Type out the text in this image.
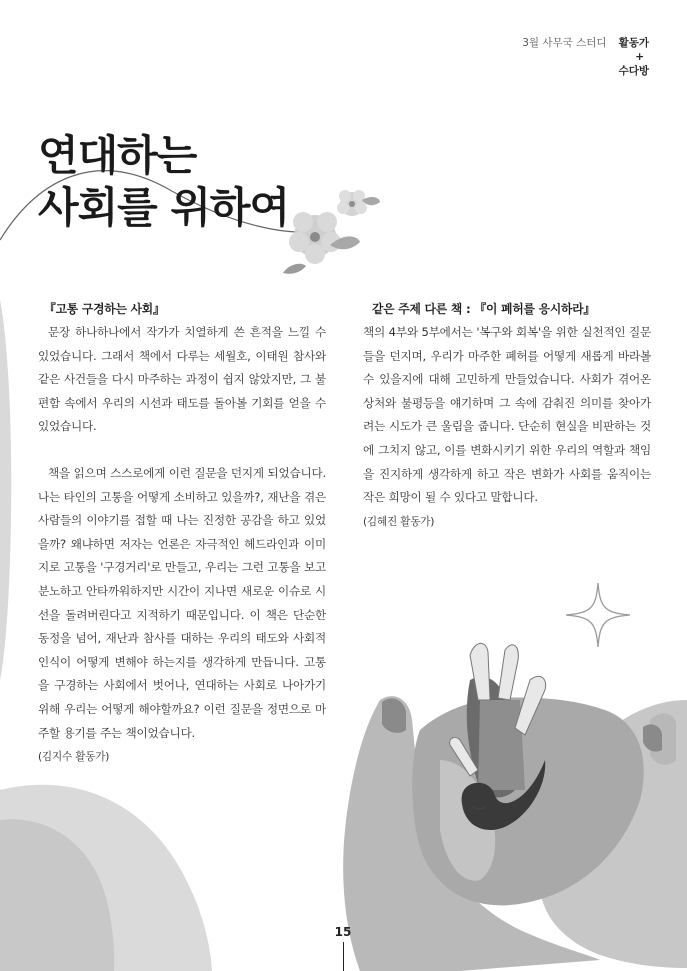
3월 사무국 스터디 활동가
+
수다방
연대하는
사회를 위하여
『고통 구경하는 사회』

문장 하나하나에서 작가가 치열하게 쓴 흔적을 느낄 수 있었습니다. 그래서 책에서 다루는 세월호, 이태원 참사와 같은 사건들을 다시 마주하는 과정이 쉽지 않았지만, 그 불편함 속에서 우리의 시선과 태도를 돌아볼 기회를 얻을 수 있었습니다.

책을 읽으며 스스로에게 이런 질문을 던지게 되었습니다. 나는 타인의 고통을 어떻게 소비하고 있을까?, 재난을 겪은 사람들의 이야기를 접할 때 나는 진정한 공감을 하고 있었을까? 왜냐하면 저자는 언론은 자극적인 헤드라인과 이미지로 고통을 '구경거리'로 만들고, 우리는 그런 고통을 보고 분노하고 안타까워하지만 시간이 지나면 새로운 이슈로 시선을 돌려버린다고 지적하기 때문입니다. 이 책은 단순한 동정을 넘어, 재난과 참사를 대하는 우리의 태도와 사회적 인식이 어떻게 변해야 하는지를 생각하게 만듭니다. 고통을 구경하는 사회에서 벗어나, 연대하는 사회로 나아가기 위해 우리는 어떻게 해야할까요? 이런 질문을 정면으로 마주할 용기를 주는 책이었습니다.

(김지수 활동가)
같은 주제 다른 책 : 『이 폐허를 응시하라』

책의 4부와 5부에서는 '복구와 회복'을 위한 실천적인 질문들을 던지며, 우리가 마주한 폐허를 어떻게 새롭게 바라볼 수 있을지에 대해 고민하게 만들었습니다. 사회가 겪어온 상처와 불평등을 얘기하며 그 속에 감춰진 의미를 찾아가려는 시도가 큰 울림을 줍니다. 단순히 현실을 비판하는 것에 그치지 않고, 이를 변화시키기 위한 우리의 역할과 책임을 진지하게 생각하게 하고 작은 변화가 사회를 움직이는 작은 희망이 될 수 있다고 말합니다.

(김혜진 활동가)
15
